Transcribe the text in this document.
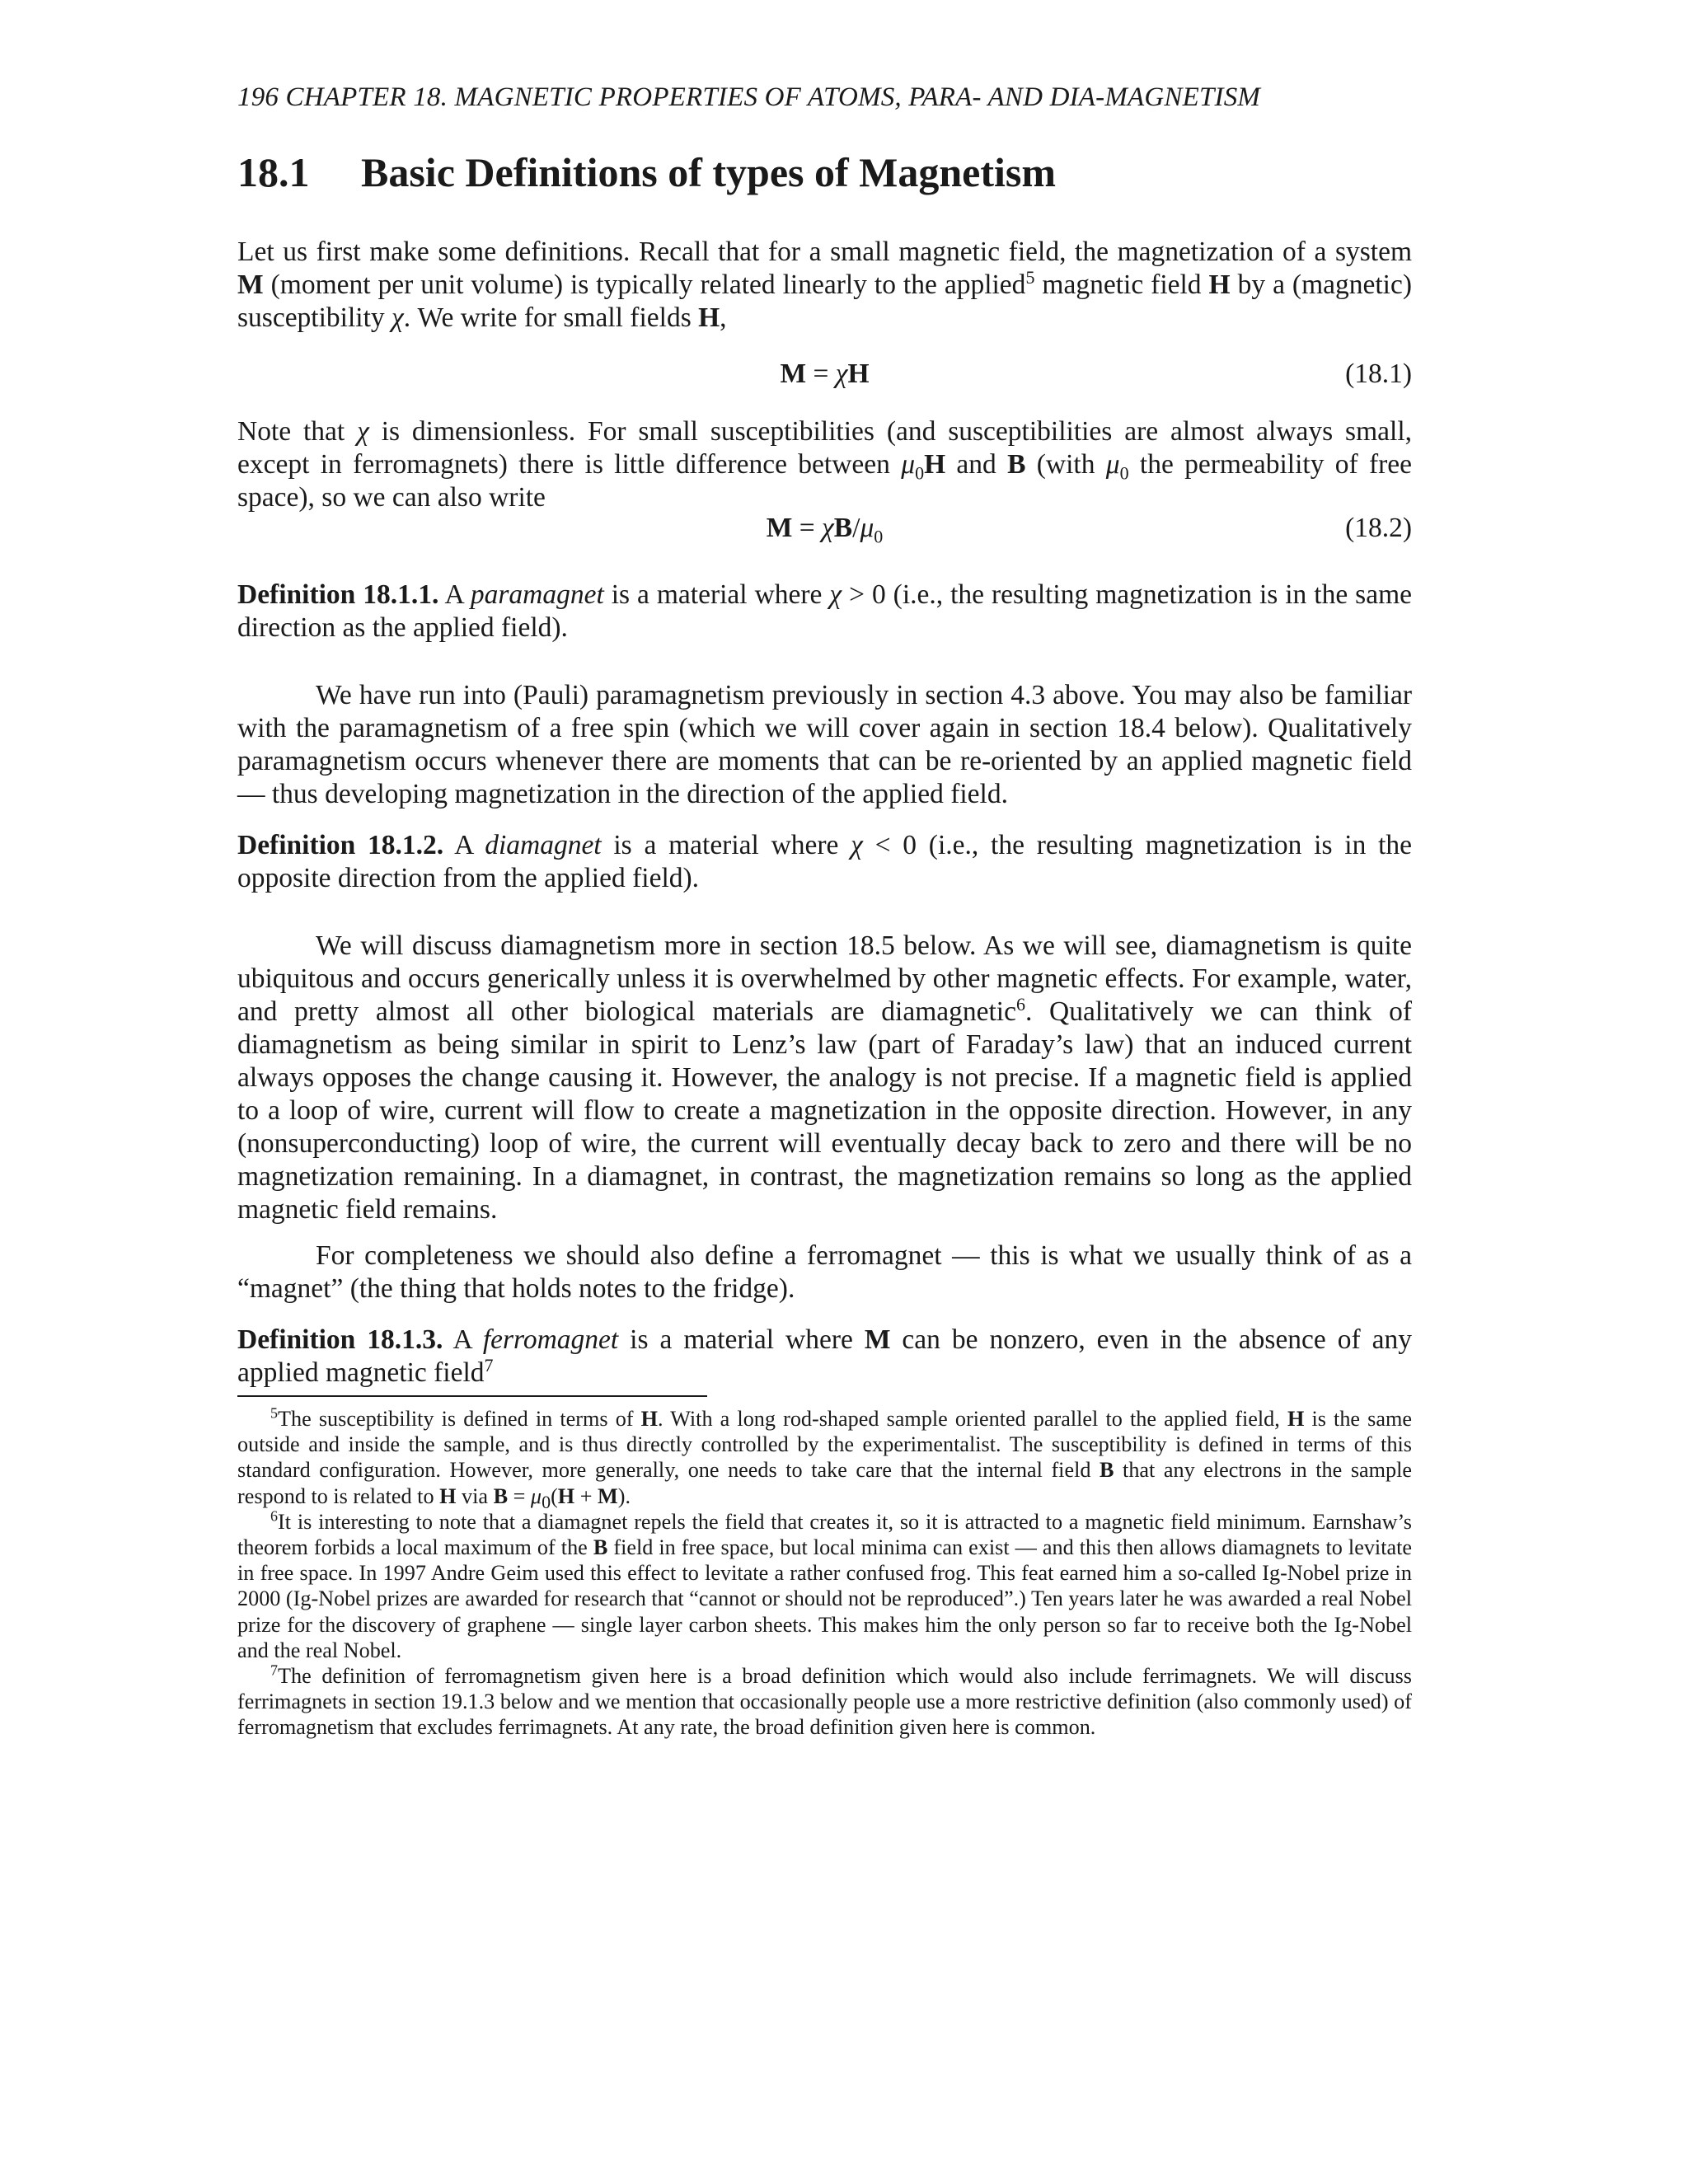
196 CHAPTER 18. MAGNETIC PROPERTIES OF ATOMS, PARA- AND DIA-MAGNETISM
18.1 Basic Definitions of types of Magnetism

Let us first make some definitions. Recall that for a small magnetic field, the magnetization of a system M (moment per unit volume) is typically related linearly to the applied$^5$ magnetic field H by a (magnetic) susceptibility χ. We write for small fields H,

M = χH	(18.1)

Note that χ is dimensionless. For small susceptibilities (and susceptibilities are almost always small, except in ferromagnets) there is little difference between $\mu_0H$ and B (with $\mu_0$ the permeability of free space), so we can also write

$M = \chi B/\mu_0$	(18.2)

Definition 18.1.1. A paramagnet is a material where χ > 0 (i.e., the resulting magnetization is in the same direction as the applied field).

We have run into (Pauli) paramagnetism previously in section 4.3 above. You may also be familiar with the paramagnetism of a free spin (which we will cover again in section 18.4 below). Qualitatively paramagnetism occurs whenever there are moments that can be re-oriented by an applied magnetic field — thus developing magnetization in the direction of the applied field.

Definition 18.1.2. A diamagnet is a material where χ < 0 (i.e., the resulting magnetization is in the opposite direction from the applied field).

We will discuss diamagnetism more in section 18.5 below. As we will see, diamagnetism is quite ubiquitous and occurs generically unless it is overwhelmed by other magnetic effects. For example, water, and pretty almost all other biological materials are diamagnetic$^6$. Qualitatively we can think of diamagnetism as being similar in spirit to Lenz’s law (part of Faraday’s law) that an induced current always opposes the change causing it. However, the analogy is not precise. If a magnetic field is applied to a loop of wire, current will flow to create a magnetization in the opposite direction. However, in any (nonsuperconducting) loop of wire, the current will eventually decay back to zero and there will be no magnetization remaining. In a diamagnet, in contrast, the magnetization remains so long as the applied magnetic field remains.

For completeness we should also define a ferromagnet — this is what we usually think of as a “magnet” (the thing that holds notes to the fridge).

Definition 18.1.3. A ferromagnet is a material where M can be nonzero, even in the absence of any applied magnetic field$^7$

$^5$The susceptibility is defined in terms of H. With a long rod-shaped sample oriented parallel to the applied field, H is the same outside and inside the sample, and is thus directly controlled by the experimentalist. The susceptibility is defined in terms of this standard configuration. However, more generally, one needs to take care that the internal field B that any electrons in the sample respond to is related to H via $B = \mu_0(H + M)$.

$^6$It is interesting to note that a diamagnet repels the field that creates it, so it is attracted to a magnetic field minimum. Earnshaw’s theorem forbids a local maximum of the B field in free space, but local minima can exist — and this then allows diamagnets to levitate in free space. In 1997 Andre Geim used this effect to levitate a rather confused frog. This feat earned him a so-called Ig-Nobel prize in 2000 (Ig-Nobel prizes are awarded for research that “cannot or should not be reproduced”.) Ten years later he was awarded a real Nobel prize for the discovery of graphene — single layer carbon sheets. This makes him the only person so far to receive both the Ig-Nobel and the real Nobel.

$^7$The definition of ferromagnetism given here is a broad definition which would also include ferrimagnets. We will discuss ferrimagnets in section 19.1.3 below and we mention that occasionally people use a more restrictive definition (also commonly used) of ferromagnetism that excludes ferrimagnets. At any rate, the broad definition given here is common.
